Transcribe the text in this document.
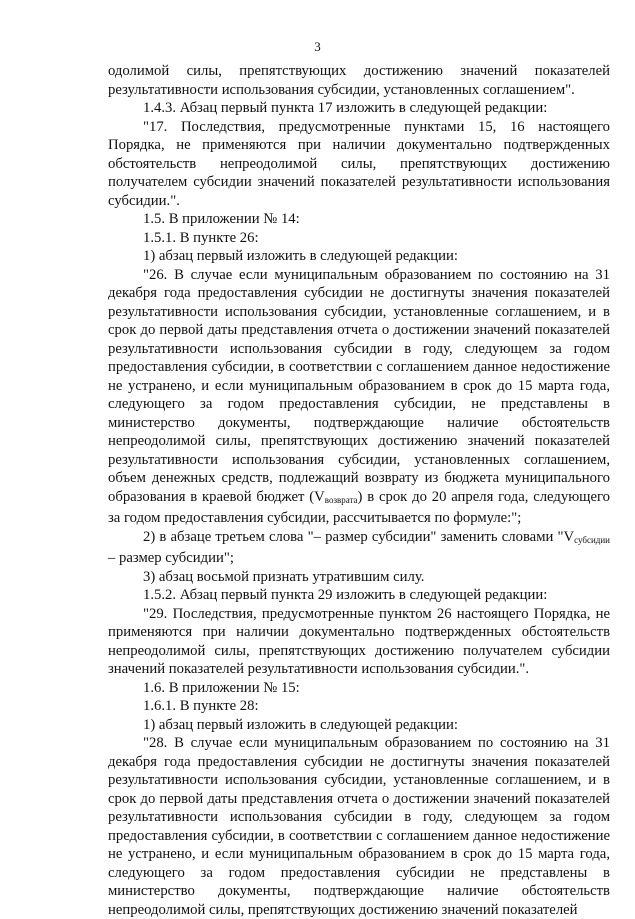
3

одолимой силы, препятствующих достижению значений показателей результативности использования субсидии, установленных соглашением".

1.4.3. Абзац первый пункта 17 изложить в следующей редакции:

"17. Последствия, предусмотренные пунктами 15, 16 настоящего Порядка, не применяются при наличии документально подтвержденных обстоятельств непреодолимой силы, препятствующих достижению получателем субсидии значений показателей результативности использования субсидии.".

1.5. В приложении № 14:

1.5.1. В пункте 26:

1) абзац первый изложить в следующей редакции:

"26. В случае если муниципальным образованием по состоянию на 31 декабря года предоставления субсидии не достигнуты значения показателей результативности использования субсидии, установленные соглашением, и в срок до первой даты представления отчета о достижении значений показателей результативности использования субсидии в году, следующем за годом предоставления субсидии, в соответствии с соглашением данное недостижение не устранено, и если муниципальным образованием в срок до 15 марта года, следующего за годом предоставления субсидии, не представлены в министерство документы, подтверждающие наличие обстоятельств непреодолимой силы, препятствующих достижению значений показателей результативности использования субсидии, установленных соглашением, объем денежных средств, подлежащий возврату из бюджета муниципального образования в краевой бюджет $(V_{возврата})$ в срок до 20 апреля года, следующего за годом предоставления субсидии, рассчитывается по формуле:";

2) в абзаце третьем слова "– размер субсидии" заменить словами "$V_{субсидии}$ – размер субсидии";

3) абзац восьмой признать утратившим силу.

1.5.2. Абзац первый пункта 29 изложить в следующей редакции:

"29. Последствия, предусмотренные пунктом 26 настоящего Порядка, не применяются при наличии документально подтвержденных обстоятельств непреодолимой силы, препятствующих достижению получателем субсидии значений показателей результативности использования субсидии.".

1.6. В приложении № 15:

1.6.1. В пункте 28:

1) абзац первый изложить в следующей редакции:

"28. В случае если муниципальным образованием по состоянию на 31 декабря года предоставления субсидии не достигнуты значения показателей результативности использования субсидии, установленные соглашением, и в срок до первой даты представления отчета о достижении значений показателей результативности использования субсидии в году, следующем за годом предоставления субсидии, в соответствии с соглашением данное недостижение не устранено, и если муниципальным образованием в срок до 15 марта года, следующего за годом предоставления субсидии не представлены в министерство документы, подтверждающие наличие обстоятельств непреодолимой силы, препятствующих достижению значений показателей
